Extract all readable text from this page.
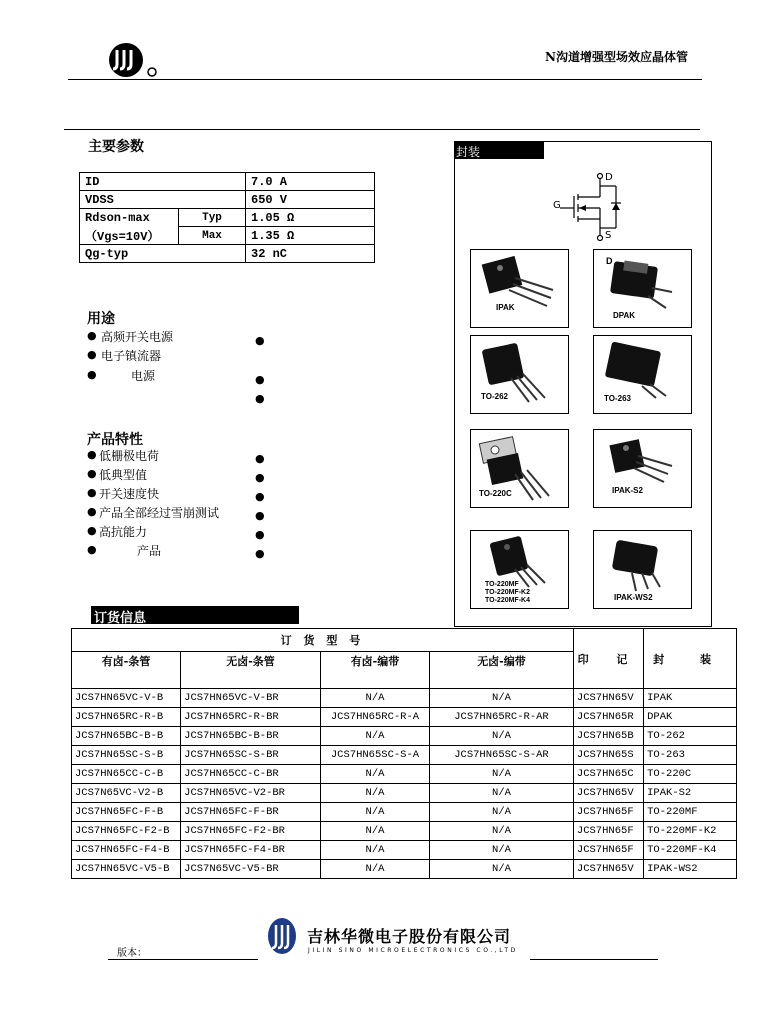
N沟道增强型场效应晶体管
主要参数
ID		7.0 A
VDSS		650 V
Rdson-max	Typ	1.05 Ω
（Vgs=10V）	Max	1.35 Ω
Qg-typ		32 nC
封装
D
G
S
IPAK
D
DPAK
TO-262	TO-263
TO-220C	IPAK-S2
TO-220MF
TO-220MF-K2
TO-220MF-K4	IPAK-WS2
用途
● 高频开关电源
● 电子镇流器
●	电源
●
●
●
产品特性
● 低栅极电荷
● 低典型值
● 开关速度快
● 产品全部经过雪崩测试
● 高抗能力
●	产品
●
●
●
●
●
●
订货信息
订 货 型 号				印 记	封 装
有卤-条管	无卤-条管	有卤-编带	无卤-编带		

JCS7HN65VC-V-B	JCS7HN65VC-V-BR	N/A	N/A	JCS7HN65V	IPAK
JCS7HN65RC-R-B	JCS7HN65RC-R-BR	JCS7HN65RC-R-A	JCS7HN65RC-R-AR	JCS7HN65R	DPAK
JCS7HN65BC-B-B	JCS7HN65BC-B-BR	N/A	N/A	JCS7HN65B	TO-262
JCS7HN65SC-S-B	JCS7HN65SC-S-BR	JCS7HN65SC-S-A	JCS7HN65SC-S-AR	JCS7HN65S	TO-263
JCS7HN65CC-C-B	JCS7HN65CC-C-BR	N/A	N/A	JCS7HN65C	TO-220C
JCS7N65VC-V2-B	JCS7HN65VC-V2-BR	N/A	N/A	JCS7HN65V	IPAK-S2
JCS7HN65FC-F-B	JCS7HN65FC-F-BR	N/A	N/A	JCS7HN65F	TO-220MF
JCS7HN65FC-F2-B	JCS7HN65FC-F2-BR	N/A	N/A	JCS7HN65F	TO-220MF-K2
JCS7HN65FC-F4-B	JCS7HN65FC-F4-BR	N/A	N/A	JCS7HN65F	TO-220MF-K4
JCS7HN65VC-V5-B	JCS7N65VC-V5-BR	N/A	N/A	JCS7HN65V	IPAK-WS2
版本：
吉林华微电子股份有限公司
JILIN SINO MICROELECTRONICS CO.,LTD
